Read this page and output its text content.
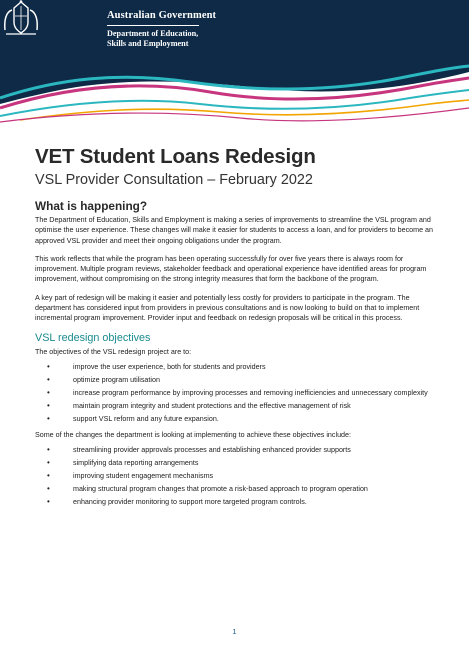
Australian Government
Department of Education,
Skills and Employment
VET Student Loans Redesign
VSL Provider Consultation – February 2022
What is happening?

The Department of Education, Skills and Employment is making a series of improvements to streamline the VSL program and optimise the user experience. These changes will make it easier for students to access a loan, and for providers to become an approved VSL provider and meet their ongoing obligations under the program.

This work reflects that while the program has been operating successfully for over five years there is always room for improvement. Multiple program reviews, stakeholder feedback and operational experience have identified areas for program improvement, without compromising on the strong integrity measures that form the backbone of the program.

A key part of redesign will be making it easier and potentially less costly for providers to participate in the program. The department has considered input from providers in previous consultations and is now looking to build on that to implement incremental program improvement. Provider input and feedback on redesign proposals will be critical in this process.

VSL redesign objectives

The objectives of the VSL redesign project are to:

• improve the user experience, both for students and providers
• optimize program utilisation
• increase program performance by improving processes and removing inefficiencies and unnecessary complexity
• maintain program integrity and student protections and the effective management of risk
• support VSL reform and any future expansion.

Some of the changes the department is looking at implementing to achieve these objectives include:

• streamlining provider approvals processes and establishing enhanced provider supports
• simplifying data reporting arrangements
• improving student engagement mechanisms
• making structural program changes that promote a risk-based approach to program operation
• enhancing provider monitoring to support more targeted program controls.
1
